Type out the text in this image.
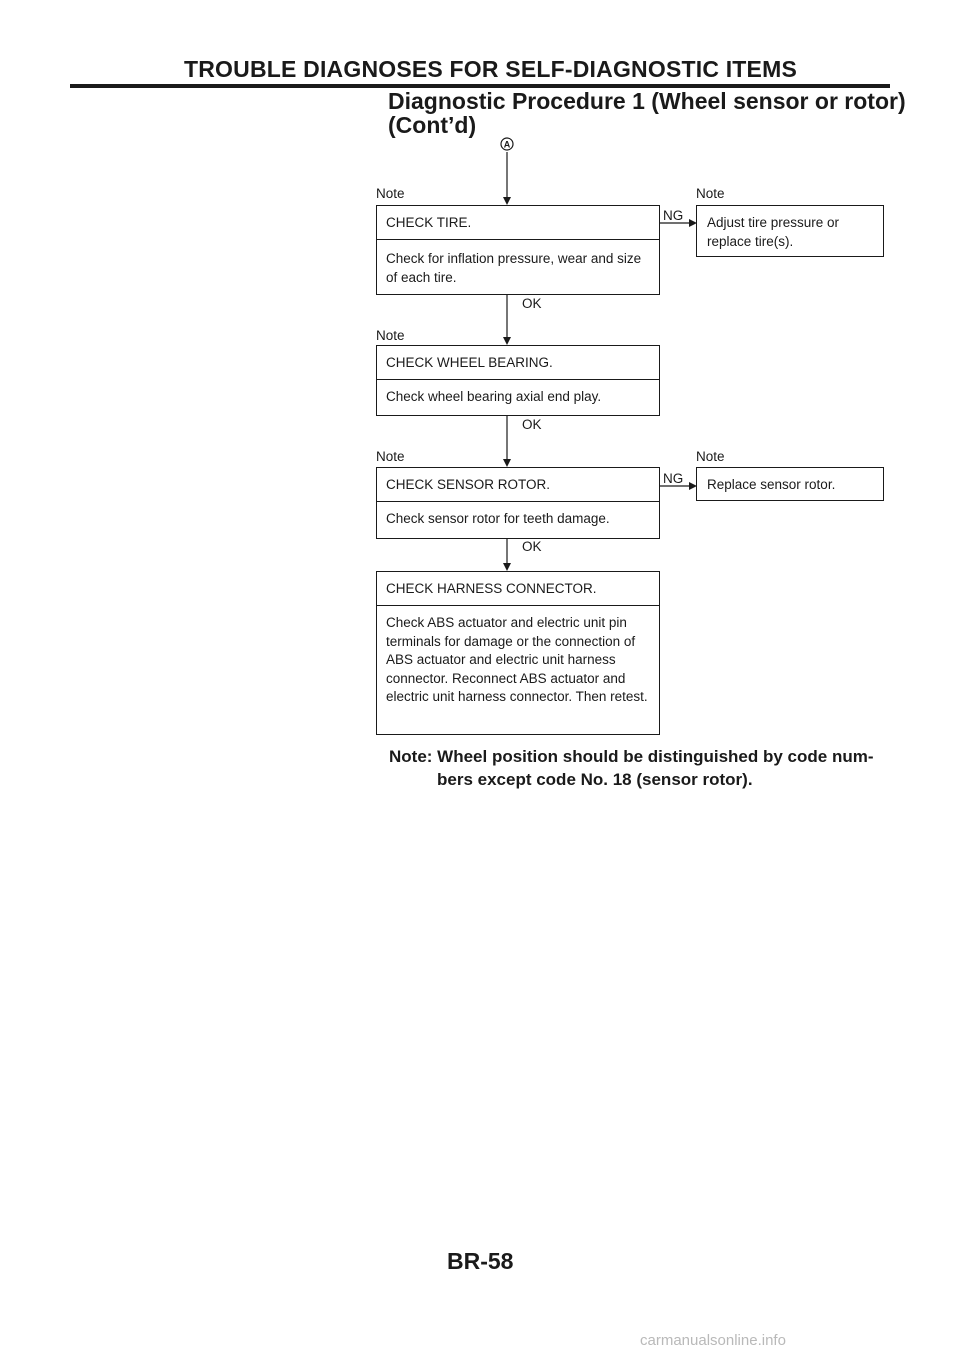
TROUBLE DIAGNOSES FOR SELF-DIAGNOSTIC ITEMS
Diagnostic Procedure 1 (Wheel sensor or rotor)
(Cont’d)
A
Note
CHECK TIRE.
Check for inflation pressure, wear and size of each tire.
OK
NG
Note
Adjust tire pressure or replace tire(s).
Note
CHECK WHEEL BEARING.
Check wheel bearing axial end play.
OK
Note
CHECK SENSOR ROTOR.
Check sensor rotor for teeth damage.
OK
NG
Note
Replace sensor rotor.
CHECK HARNESS CONNECTOR.
Check ABS actuator and electric unit pin terminals for damage or the connection of ABS actuator and electric unit harness connector. Reconnect ABS actuator and electric unit harness connector. Then retest.
Note: Wheel position should be distinguished by code num-
bers except code No. 18 (sensor rotor).
BR-58
carmanualsonline.info
